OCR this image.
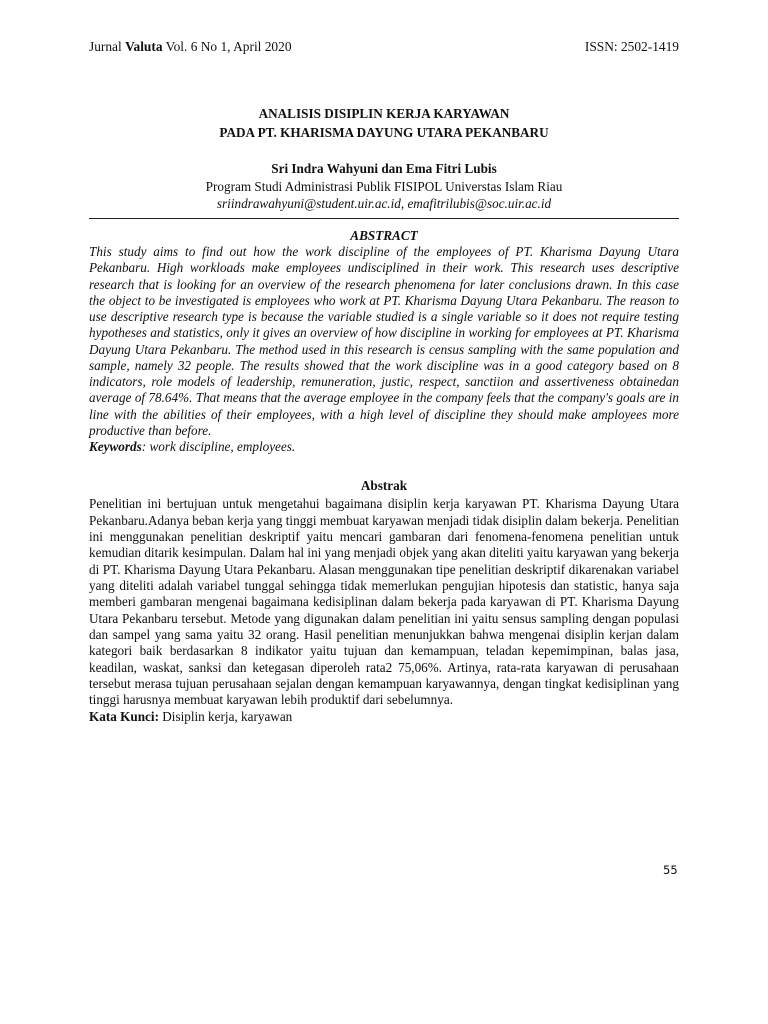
Jurnal Valuta Vol. 6 No 1, April 2020	ISSN: 2502-1419
ANALISIS DISIPLIN KERJA KARYAWAN
PADA PT. KHARISMA DAYUNG UTARA PEKANBARU
Sri Indra Wahyuni dan Ema Fitri Lubis
Program Studi Administrasi Publik FISIPOL Universtas Islam Riau
sriindrawahyuni@student.uir.ac.id, emafitrilubis@soc.uir.ac.id
ABSTRACT

This study aims to find out how the work discipline of the employees of PT. Kharisma Dayung Utara Pekanbaru. High workloads make employees undisciplined in their work. This research uses descriptive research that is looking for an overview of the research phenomena for later conclusions drawn. In this case the object to be investigated is employees who work at PT. Kharisma Dayung Utara Pekanbaru. The reason to use descriptive research type is because the variable studied is a single variable so it does not require testing hypotheses and statistics, only it gives an overview of how discipline in working for employees at PT. Kharisma Dayung Utara Pekanbaru. The method used in this research is census sampling with the same population and sample, namely 32 people. The results showed that the work discipline was in a good category based on 8 indicators, role models of leadership, remuneration, justic, respect, sanctiion and assertiveness obtainedan average of 78.64%. That means that the average employee in the company feels that the company's goals are in line with the abilities of their employees, with a high level of discipline they should make amployees more productive than before.

Keywords: work discipline, employees.

Abstrak

Penelitian ini bertujuan untuk mengetahui bagaimana disiplin kerja karyawan PT. Kharisma Dayung Utara Pekanbaru.Adanya beban kerja yang tinggi membuat karyawan menjadi tidak disiplin dalam bekerja. Penelitian ini menggunakan penelitian deskriptif yaitu mencari gambaran dari fenomena-fenomena penelitian untuk kemudian ditarik kesimpulan. Dalam hal ini yang menjadi objek yang akan diteliti yaitu karyawan yang bekerja di PT. Kharisma Dayung Utara Pekanbaru. Alasan menggunakan tipe penelitian deskriptif dikarenakan variabel yang diteliti adalah variabel tunggal sehingga tidak memerlukan pengujian hipotesis dan statistic, hanya saja memberi gambaran mengenai bagaimana kedisiplinan dalam bekerja pada karyawan di PT. Kharisma Dayung Utara Pekanbaru tersebut. Metode yang digunakan dalam penelitian ini yaitu sensus sampling dengan populasi dan sampel yang sama yaitu 32 orang. Hasil penelitian menunjukkan bahwa mengenai disiplin kerjan dalam kategori baik berdasarkan 8 indikator yaitu tujuan dan kemampuan, teladan kepemimpinan, balas jasa, keadilan, waskat, sanksi dan ketegasan diperoleh rata2 75,06%. Artinya, rata-rata karyawan di perusahaan tersebut merasa tujuan perusahaan sejalan dengan kemampuan karyawannya, dengan tingkat kedisiplinan yang tinggi harusnya membuat karyawan lebih produktif dari sebelumnya.

Kata Kunci: Disiplin kerja, karyawan

55
